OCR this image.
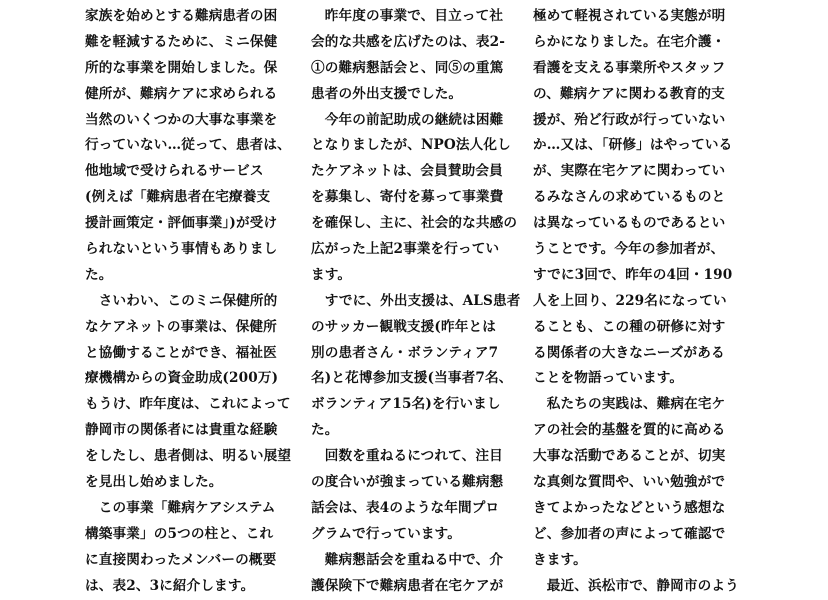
家族を始めとする難病患者の困
難を軽減するために、ミニ保健
所的な事業を開始しました。保
健所が、難病ケアに求められる
当然のいくつかの大事な事業を
行っていない…従って、患者は、
他地域で受けられるサービス
(例えば「難病患者在宅療養支
援計画策定・評価事業」)が受け
られないという事情もありまし
た。
　さいわい、このミニ保健所的
なケアネットの事業は、保健所
と協働することができ、福祉医
療機構からの資金助成(200万)
もうけ、昨年度は、これによって
静岡市の関係者には貴重な経験
をしたし、患者側は、明るい展望
を見出し始めました。
　この事業「難病ケアシステム
構築事業」の5つの柱と、これ
に直接関わったメンバーの概要
は、表2、3に紹介します。
　昨年度の事業で、目立って社
会的な共感を広げたのは、表2-
①の難病懇話会と、同⑤の重篤
患者の外出支援でした。
　今年の前記助成の継続は困難
となりましたが、NPO法人化し
たケアネットは、会員賛助会員
を募集し、寄付を募って事業費
を確保し、主に、社会的な共感の
広がった上記2事業を行ってい
ます。
　すでに、外出支援は、ALS患者
のサッカー観戦支援(昨年とは
別の患者さん・ボランティア7
名)と花博参加支援(当事者7名、
ボランティア15名)を行いまし
た。
　回数を重ねるにつれて、注目
の度合いが強まっている難病懇
話会は、表4のような年間プロ
グラムで行っています。
　難病懇話会を重ねる中で、介
護保険下で難病患者在宅ケアが
極めて軽視されている実態が明
らかになりました。在宅介護・
看護を支える事業所やスタッフ
の、難病ケアに関わる教育的支
援が、殆ど行政が行っていない
か…又は、「研修」はやっている
が、実際在宅ケアに関わってい
るみなさんの求めているものと
は異なっているものであるとい
うことです。今年の参加者が、
すでに3回で、昨年の4回・190
人を上回り、229名になってい
ることも、この種の研修に対す
る関係者の大きなニーズがある
ことを物語っています。
　私たちの実践は、難病在宅ケ
アの社会的基盤を質的に高める
大事な活動であることが、切実
な真剣な質問や、いい勉強がで
きてよかったなどという感想な
ど、参加者の声によって確認で
きます。
　最近、浜松市で、静岡市のよう
